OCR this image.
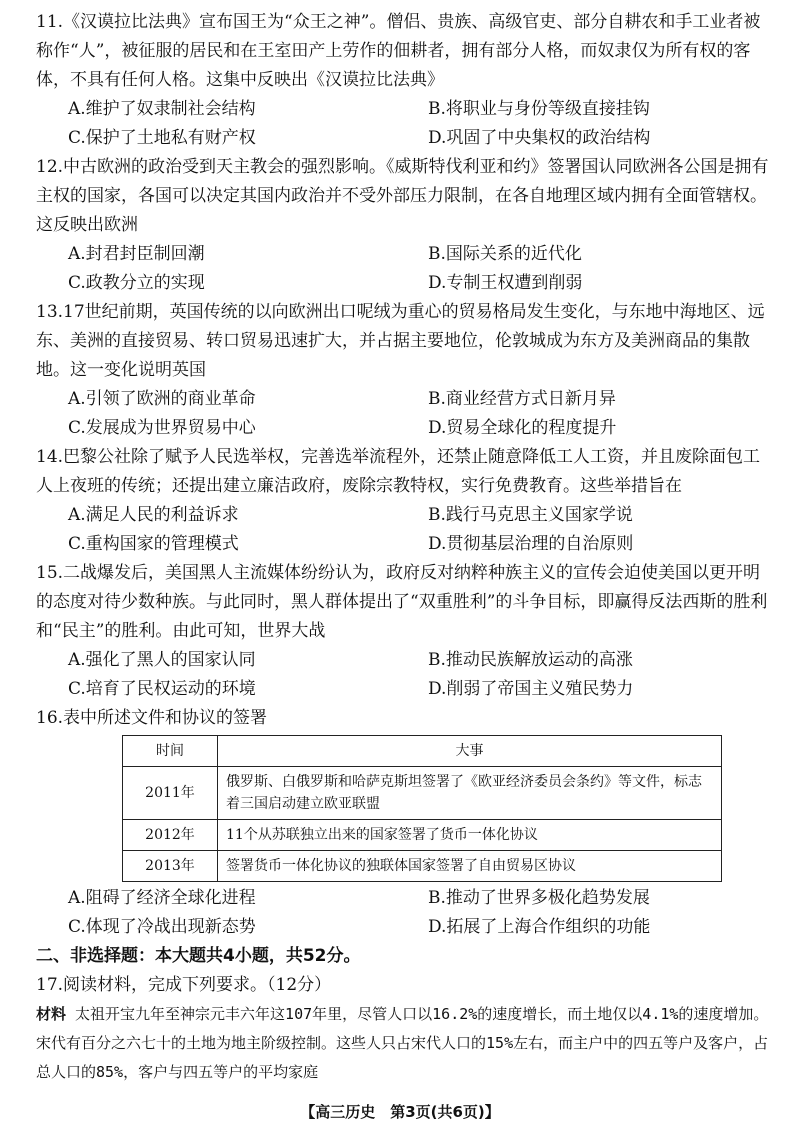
11.《汉谟拉比法典》宣布国王为“众王之神”。僧侣、贵族、高级官吏、部分自耕农和手工业者被称作“人”，被征服的居民和在王室田产上劳作的佃耕者，拥有部分人格，而奴隶仅为所有权的客体，不具有任何人格。这集中反映出《汉谟拉比法典》

A.维护了奴隶制社会结构	B.将职业与身份等级直接挂钩
C.保护了土地私有财产权	D.巩固了中央集权的政治结构

12.中古欧洲的政治受到天主教会的强烈影响。《威斯特伐利亚和约》签署国认同欧洲各公国是拥有主权的国家，各国可以决定其国内政治并不受外部压力限制，在各自地理区域内拥有全面管辖权。这反映出欧洲

A.封君封臣制回潮	B.国际关系的近代化
C.政教分立的实现	D.专制王权遭到削弱

13.17世纪前期，英国传统的以向欧洲出口呢绒为重心的贸易格局发生变化，与东地中海地区、远东、美洲的直接贸易、转口贸易迅速扩大，并占据主要地位，伦敦城成为东方及美洲商品的集散地。这一变化说明英国

A.引领了欧洲的商业革命	B.商业经营方式日新月异
C.发展成为世界贸易中心	D.贸易全球化的程度提升

14.巴黎公社除了赋予人民选举权，完善选举流程外，还禁止随意降低工人工资，并且废除面包工人上夜班的传统；还提出建立廉洁政府，废除宗教特权，实行免费教育。这些举措旨在

A.满足人民的利益诉求	B.践行马克思主义国家学说
C.重构国家的管理模式	D.贯彻基层治理的自治原则

15.二战爆发后，美国黑人主流媒体纷纷认为，政府反对纳粹种族主义的宣传会迫使美国以更开明的态度对待少数种族。与此同时，黑人群体提出了“双重胜利”的斗争目标，即赢得反法西斯的胜利和“民主”的胜利。由此可知，世界大战

A.强化了黑人的国家认同	B.推动民族解放运动的高涨
C.培育了民权运动的环境	D.削弱了帝国主义殖民势力

16.表中所述文件和协议的签署

时间	大事
2011年	俄罗斯、白俄罗斯和哈萨克斯坦签署了《欧亚经济委员会条约》等文件，标志着三国启动建立欧亚联盟
2012年	11个从苏联独立出来的国家签署了货币一体化协议
2013年	签署货币一体化协议的独联体国家签署了自由贸易区协议
A.阻碍了经济全球化进程	B.推动了世界多极化趋势发展
C.体现了冷战出现新态势	D.拓展了上海合作组织的功能

二、非选择题：本大题共4小题，共52分。

17.阅读材料，完成下列要求。（12分）

材料 太祖开宝九年至神宗元丰六年这107年里，尽管人口以16.2%的速度增长，而土地仅以4.1%的速度增加。宋代有百分之六七十的土地为地主阶级控制。这些人只占宋代人口的15%左右，而主户中的四五等户及客户，占总人口的85%，客户与四五等户的平均家庭

【高三历史　第3页(共6页)】
